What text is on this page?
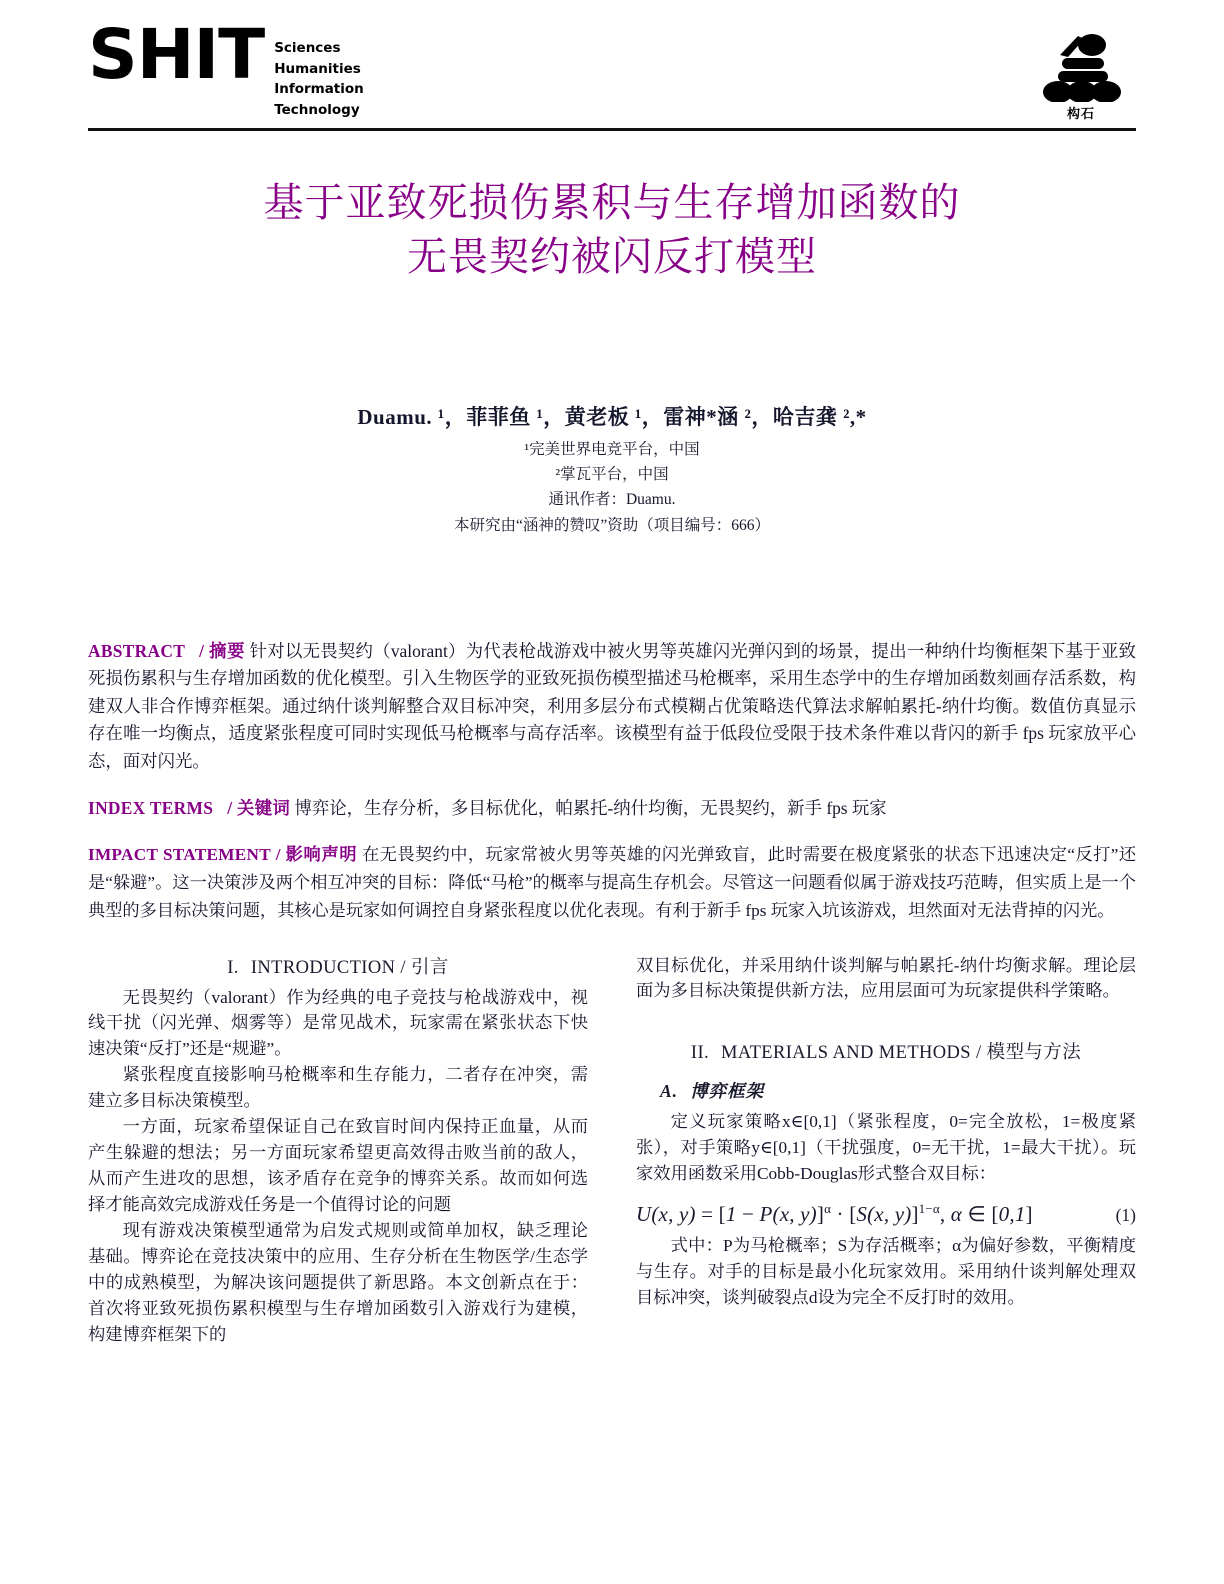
SHIT Sciences
Humanities
Information
Technology	构石
基于亚致死损伤累积与生存增加函数的
无畏契约被闪反打模型
Duamu. ¹，菲菲鱼 ¹，黄老板 ¹，雷神*涵 ²，哈吉龚 ²,*
¹完美世界电竞平台，中国
²掌瓦平台，中国
通讯作者：Duamu.
本研究由“涵神的赞叹”资助（项目编号：666）

ABSTRACT / 摘要 针对以无畏契约（valorant）为代表枪战游戏中被火男等英雄闪光弹闪到的场景，提出一种纳什均衡框架下基于亚致死损伤累积与生存增加函数的优化模型。引入生物医学的亚致死损伤模型描述马枪概率，采用生态学中的生存增加函数刻画存活系数，构建双人非合作博弈框架。通过纳什谈判解整合双目标冲突，利用多层分布式模糊占优策略迭代算法求解帕累托-纳什均衡。数值仿真显示存在唯一均衡点，适度紧张程度可同时实现低马枪概率与高存活率。该模型有益于低段位受限于技术条件难以背闪的新手 fps 玩家放平心态，面对闪光。

INDEX TERMS / 关键词 博弈论，生存分析，多目标优化，帕累托-纳什均衡，无畏契约，新手 fps 玩家

IMPACT STATEMENT / 影响声明 在无畏契约中，玩家常被火男等英雄的闪光弹致盲，此时需要在极度紧张的状态下迅速决定“反打”还是“躲避”。这一决策涉及两个相互冲突的目标：降低“马枪”的概率与提高生存机会。尽管这一问题看似属于游戏技巧范畴，但实质上是一个典型的多目标决策问题，其核心是玩家如何调控自身紧张程度以优化表现。有利于新手 fps 玩家入坑该游戏，坦然面对无法背掉的闪光。

I. INTRODUCTION / 引言

无畏契约（valorant）作为经典的电子竞技与枪战游戏中，视线干扰（闪光弹、烟雾等）是常见战术，玩家需在紧张状态下快速决策“反打”还是“规避”。

紧张程度直接影响马枪概率和生存能力，二者存在冲突，需建立多目标决策模型。

一方面，玩家希望保证自己在致盲时间内保持正血量，从而产生躲避的想法；另一方面玩家希望更高效得击败当前的敌人，从而产生进攻的思想，该矛盾存在竞争的博弈关系。故而如何选择才能高效完成游戏任务是一个值得讨论的问题

现有游戏决策模型通常为启发式规则或简单加权，缺乏理论基础。博弈论在竞技决策中的应用、生存分析在生物医学/生态学中的成熟模型，为解决该问题提供了新思路。本文创新点在于：首次将亚致死损伤累积模型与生存增加函数引入游戏行为建模，构建博弈框架下的

双目标优化，并采用纳什谈判解与帕累托-纳什均衡求解。理论层面为多目标决策提供新方法，应用层面可为玩家提供科学策略。

II. MATERIALS AND METHODS / 模型与方法
A. 博弈框架

定义玩家策略x∈[0,1]（紧张程度，0=完全放松，1=极度紧张），对手策略y∈[0,1]（干扰强度，0=无干扰，1=最大干扰）。玩家效用函数采用Cobb-Douglas形式整合双目标：

U(x, y) = [1 − P(x, y)]$^\alpha$ · [S(x, y)]$^{1-\alpha}$, α ∈ [0,1]	(1)

式中：P为马枪概率；S为存活概率；α为偏好参数，平衡精度与生存。对手的目标是最小化玩家效用。采用纳什谈判解处理双目标冲突，谈判破裂点d设为完全不反打时的效用。
